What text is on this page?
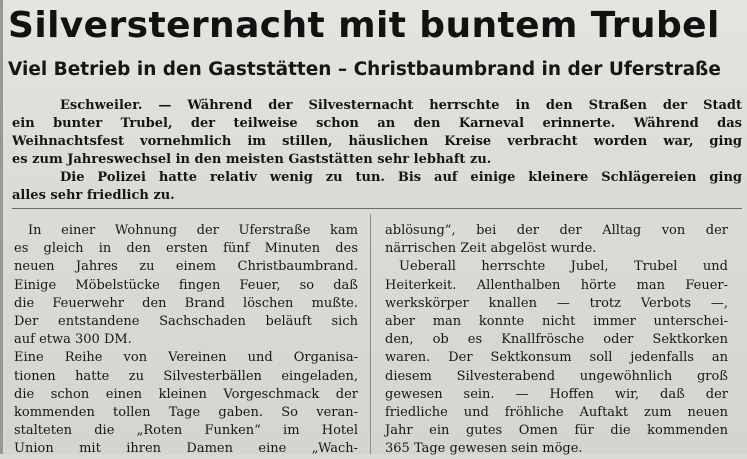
Silversternacht mit buntem Trubel
Viel Betrieb in den Gaststätten – Christbaumbrand in der Uferstraße

Eschweiler. — Während der Silvesternacht herrschte in den Straßen der Stadt
ein bunter Trubel, der teilweise schon an den Karneval erinnerte. Während das
Weihnachtsfest vornehmlich im stillen, häuslichen Kreise verbracht worden war, ging
es zum Jahreswechsel in den meisten Gaststätten sehr lebhaft zu.

Die Polizei hatte relativ wenig zu tun. Bis auf einige kleinere Schlägereien ging
alles sehr friedlich zu.

In einer Wohnung der Uferstraße kam
es gleich in den ersten fünf Minuten des
neuen Jahres zu einem Christbaumbrand.
Einige Möbelstücke fingen Feuer, so daß
die Feuerwehr den Brand löschen mußte.
Der entstandene Sachschaden beläuft sich
auf etwa 300 DM.

Eine Reihe von Vereinen und Organisa-
tionen hatte zu Silvesterbällen eingeladen,
die schon einen kleinen Vorgeschmack der
kommenden tollen Tage gaben. So veran-
stalteten die „Roten Funken“ im Hotel
Union mit ihren Damen eine „Wach-

ablösung“, bei der der Alltag von der
närrischen Zeit abgelöst wurde.

Ueberall herrschte Jubel, Trubel und
Heiterkeit. Allenthalben hörte man Feuer-
werkskörper knallen — trotz Verbots —,
aber man konnte nicht immer unterschei-
den, ob es Knallfrösche oder Sektkorken
waren. Der Sektkonsum soll jedenfalls an
diesem Silvesterabend ungewöhnlich groß
gewesen sein. — Hoffen wir, daß der
friedliche und fröhliche Auftakt zum neuen
Jahr ein gutes Omen für die kommenden
365 Tage gewesen sein möge.
